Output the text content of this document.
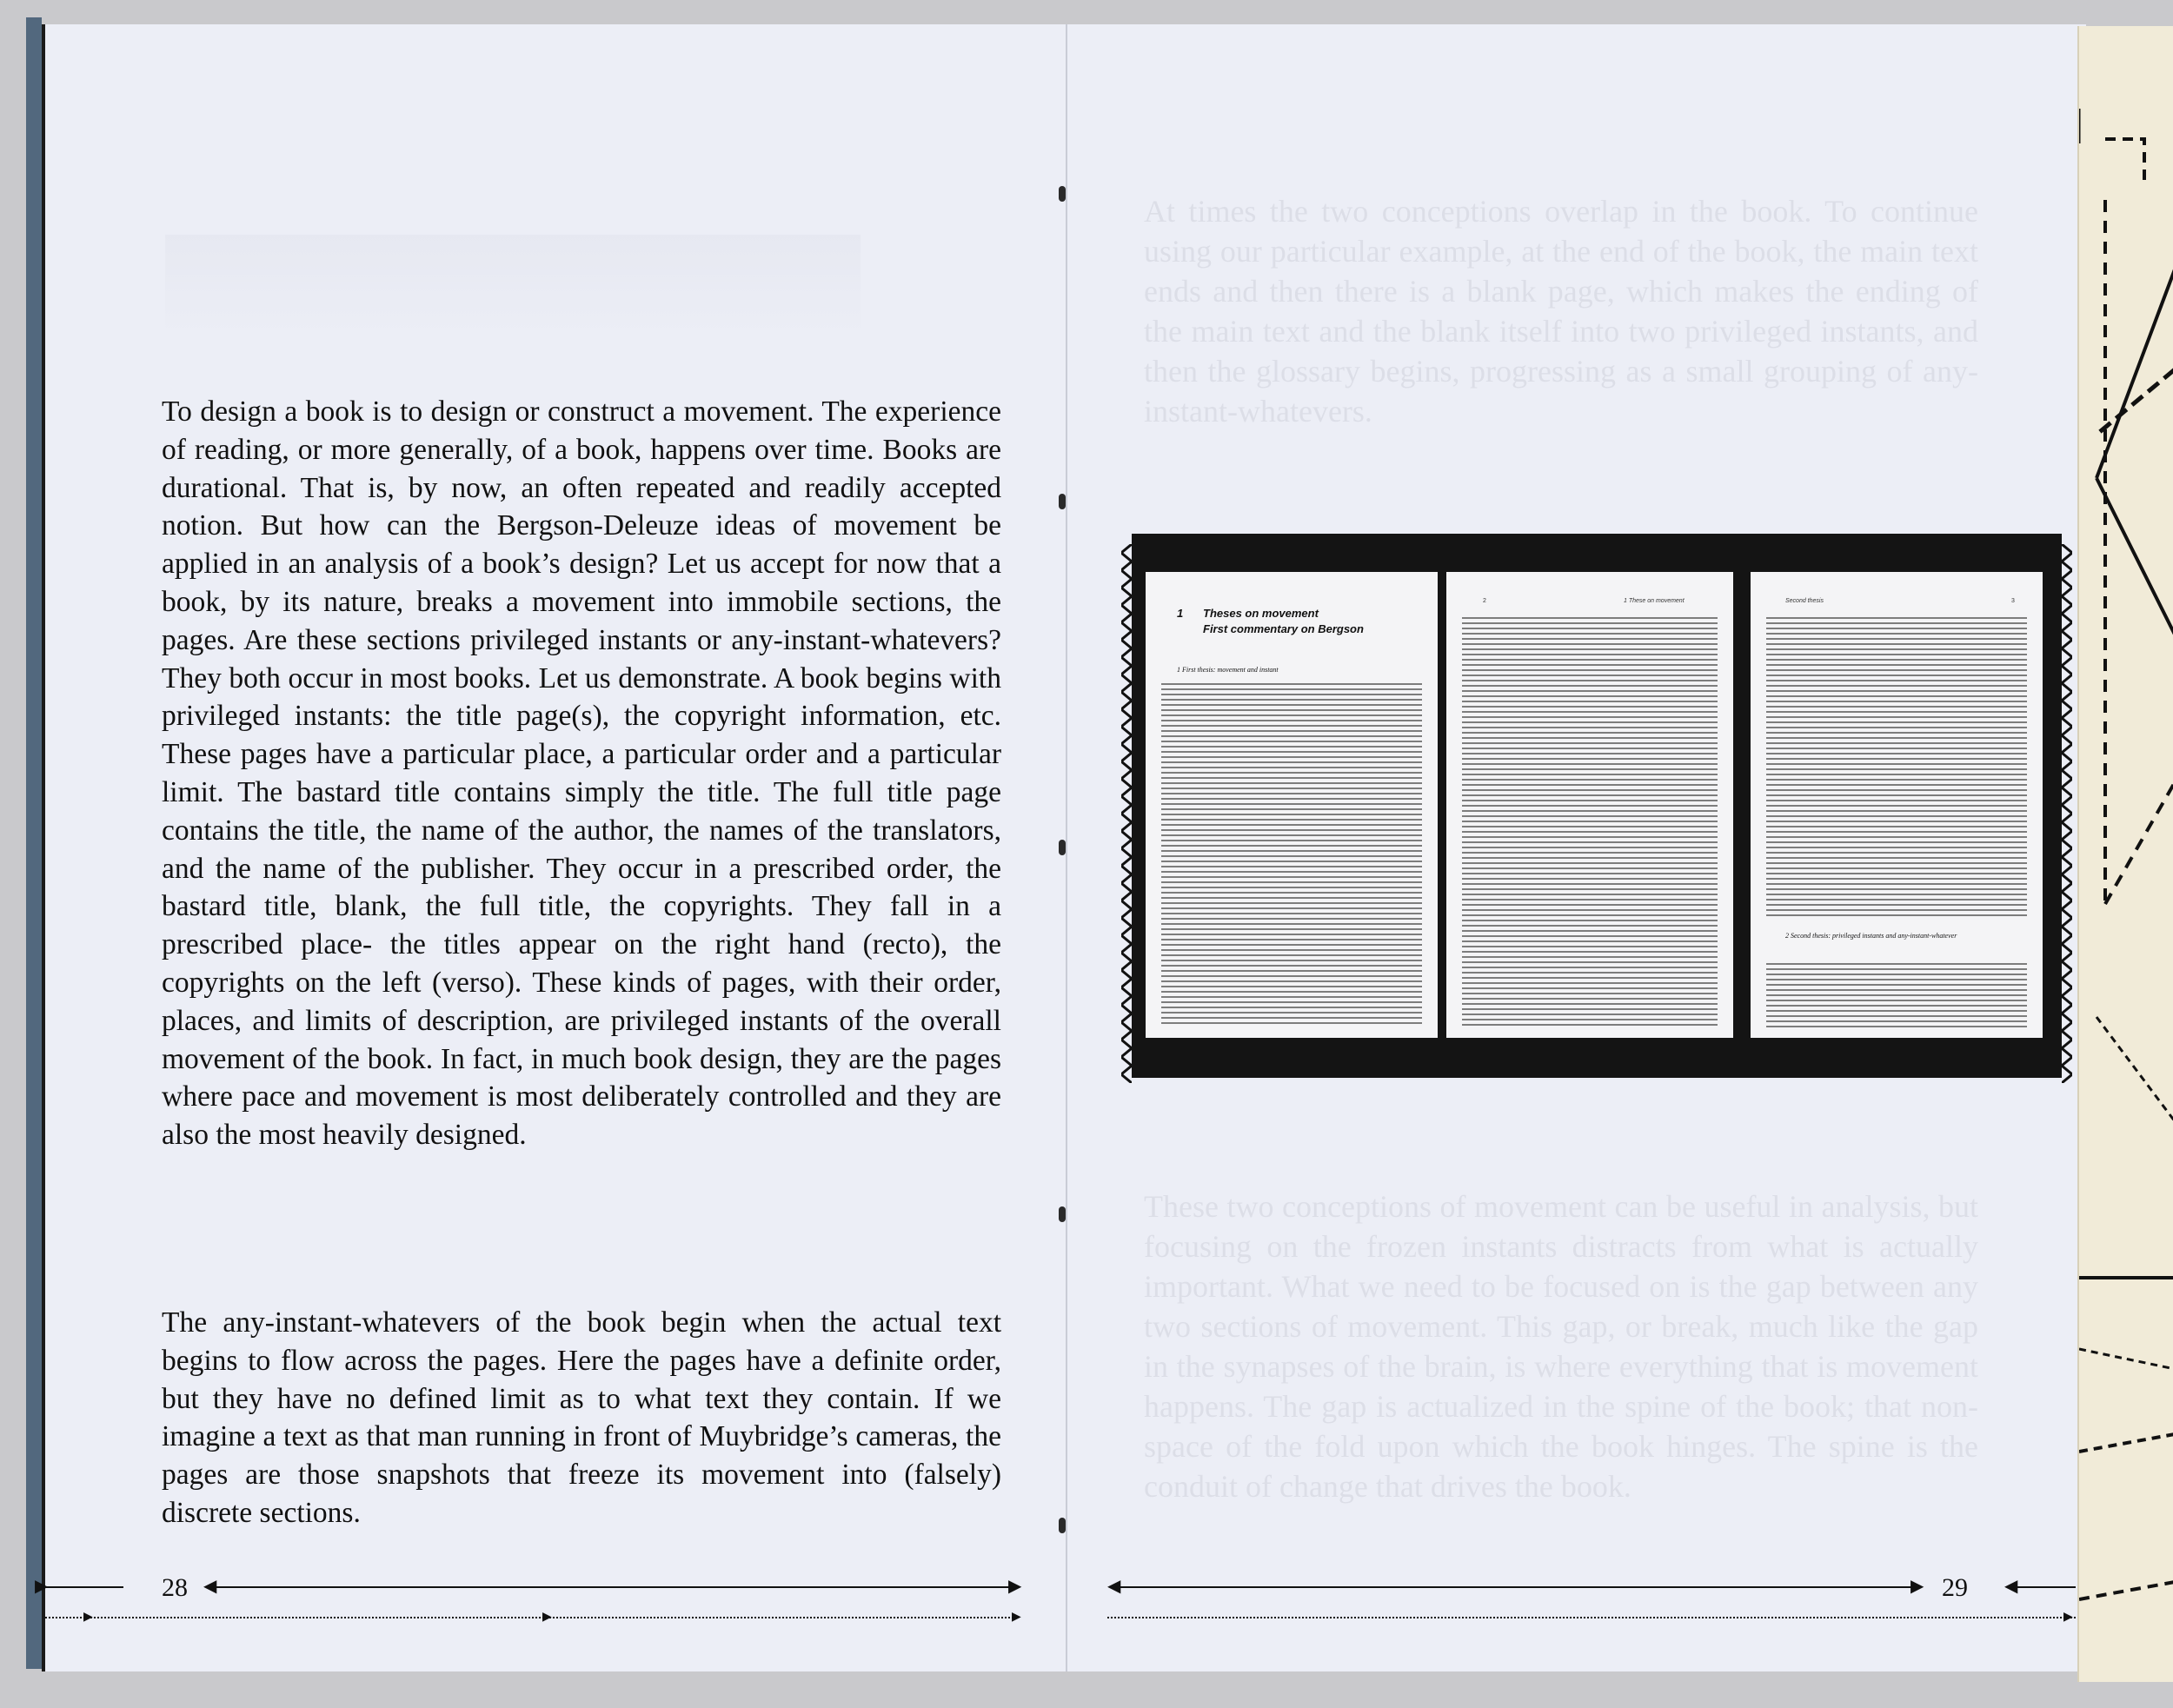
To design a book is to design or construct a movement. The experience of reading, or more generally, of a book, happens over time. Books are durational. That is, by now, an often repeated and readily accepted notion. But how can the Bergson-Deleuze ideas of movement be applied in an analysis of a book’s design? Let us accept for now that a book, by its nature, breaks a movement into immobile sections, the pages. Are these sections privileged instants or any-instant-whatevers? They both occur in most books. Let us demonstrate. A book begins with privileged instants: the title page(s), the copyright information, etc. These pages have a particular place, a particular order and a particular limit. The bastard title contains simply the title. The full title page contains the title, the name of the author, the names of the translators, and the name of the publisher. They occur in a prescribed order, the bastard title, blank, the full title, the copyrights. They fall in a prescribed place- the titles appear on the right hand (recto), the copyrights on the left (verso). These kinds of pages, with their order, places, and limits of description, are privileged instants of the overall movement of the book. In fact, in much book design, they are the pages where pace and movement is most deliberately controlled and they are also the most heavily designed.

The any-instant-whatevers of the book begin when the actual text begins to flow across the pages. Here the pages have a definite order, but they have no defined limit as to what text they contain. If we imagine a text as that man running in front of Muybridge’s cameras, the pages are those snapshots that freeze its movement into (falsely) discrete sections.

▶	28 ◀	▶
▶	▶	▶

At times the two conceptions overlap in the book. To continue using our particular example, at the end of the book, the main text ends and then there is a blank page, which makes the ending of the main text and the blank itself into two privileged instants, and then the glossary begins, progressing as a small grouping of any-instant-whatevers.

These two conceptions of movement can be useful in analysis, but focusing on the frozen instants distracts from what is actually important. What we need to be focused on is the gap between any two sections of movement. This gap, or break, much like the gap in the synapses of the brain, is where everything that is movement happens. The gap is actualized in the spine of the book; that non-space of the fold upon which the book hinges. The spine is the conduit of change that drives the book.

1 Theses on movement
First commentary on Bergson
1 First thesis: movement and instant
2	1 These on movement	Second thesis	3
2 Second thesis: privileged instants and any-instant-whatever
◀	▶ 29 ◀
▶
